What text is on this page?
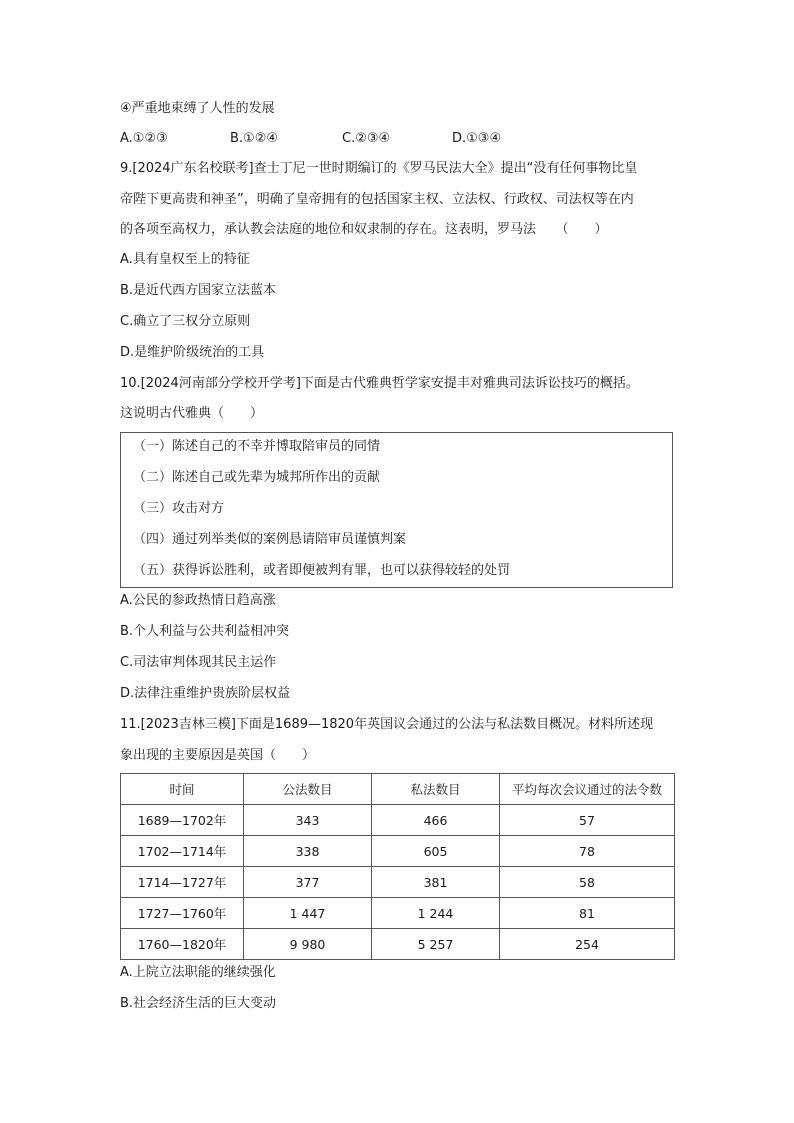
④严重地束缚了人性的发展
A.①②③	B.①②④	C.②③④	D.①③④
9.[2024广东名校联考]查士丁尼一世时期编订的《罗马民法大全》提出“没有任何事物比皇
帝陛下更高贵和神圣”，明确了皇帝拥有的包括国家主权、立法权、行政权、司法权等在内
的各项至高权力，承认教会法庭的地位和奴隶制的存在。这表明，罗马法　　（　　）
A.具有皇权至上的特征
B.是近代西方国家立法蓝本
C.确立了三权分立原则
D.是维护阶级统治的工具
10.[2024河南部分学校开学考]下面是古代雅典哲学家安提丰对雅典司法诉讼技巧的概括。
这说明古代雅典（　　）
（一）陈述自己的不幸并博取陪审员的同情
（二）陈述自己或先辈为城邦所作出的贡献
（三）攻击对方
（四）通过列举类似的案例恳请陪审员谨慎判案
（五）获得诉讼胜利，或者即便被判有罪，也可以获得较轻的处罚
A.公民的参政热情日趋高涨
B.个人利益与公共利益相冲突
C.司法审判体现其民主运作
D.法律注重维护贵族阶层权益
11.[2023吉林三模]下面是1689—1820年英国议会通过的公法与私法数目概况。材料所述现
象出现的主要原因是英国（　　）
时间	公法数目	私法数目	平均每次会议通过的法令数
1689—1702年	343	466	57
1702—1714年	338	605	78
1714—1727年	377	381	58
1727—1760年	1 447	1 244	81
1760—1820年	9 980	5 257	254
A.上院立法职能的继续强化
B.社会经济生活的巨大变动
